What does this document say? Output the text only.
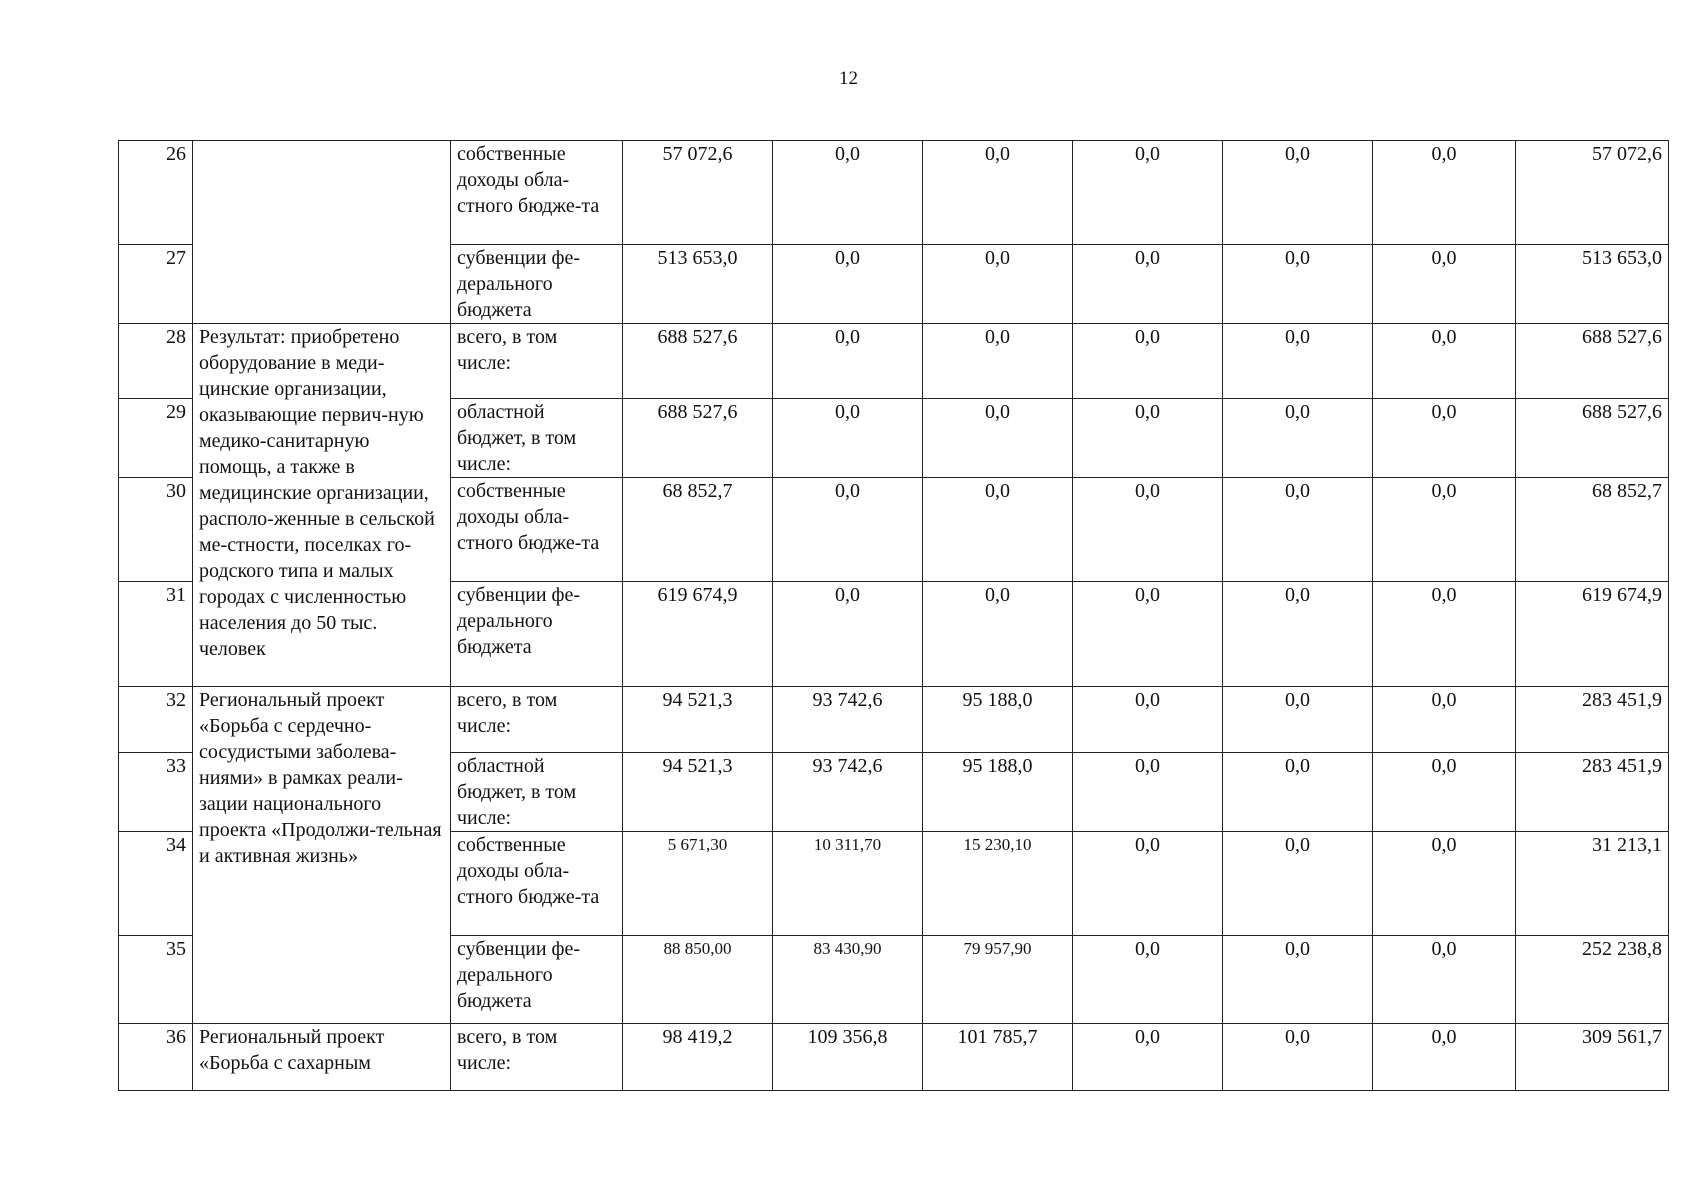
12
26		собственные доходы обла-стного бюдже-та	57 072,6	0,0	0,0	0,0	0,0	0,0	57 072,6
27		субвенции фе-дерального бюджета	513 653,0	0,0	0,0	0,0	0,0	0,0	513 653,0
28	Результат: приобретено оборудование в меди-цинские организации, оказывающие первич-ную медико-санитарную помощь, а также в медицинские организации, располо-женные в сельской ме-стности, поселках го-родского типа и малых городах с численностью населения до 50 тыс. человек	всего, в том числе:	688 527,6	0,0	0,0	0,0	0,0	0,0	688 527,6
29		областной бюджет, в том числе:	688 527,6	0,0	0,0	0,0	0,0	0,0	688 527,6
30		собственные доходы обла-стного бюдже-та	68 852,7	0,0	0,0	0,0	0,0	0,0	68 852,7
31		субвенции фе-дерального бюджета	619 674,9	0,0	0,0	0,0	0,0	0,0	619 674,9
32	Региональный проект «Борьба с сердечно-сосудистыми заболева-ниями» в рамках реали-зации национального проекта «Продолжи-тельная и активная жизнь»	всего, в том числе:	94 521,3	93 742,6	95 188,0	0,0	0,0	0,0	283 451,9
33		областной бюджет, в том числе:	94 521,3	93 742,6	95 188,0	0,0	0,0	0,0	283 451,9
34		собственные доходы обла-стного бюдже-та	5 671,30	10 311,70	15 230,10	0,0	0,0	0,0	31 213,1
35		субвенции фе-дерального бюджета	88 850,00	83 430,90	79 957,90	0,0	0,0	0,0	252 238,8
36	Региональный проект «Борьба с сахарным	всего, в том числе:	98 419,2	109 356,8	101 785,7	0,0	0,0	0,0	309 561,7
